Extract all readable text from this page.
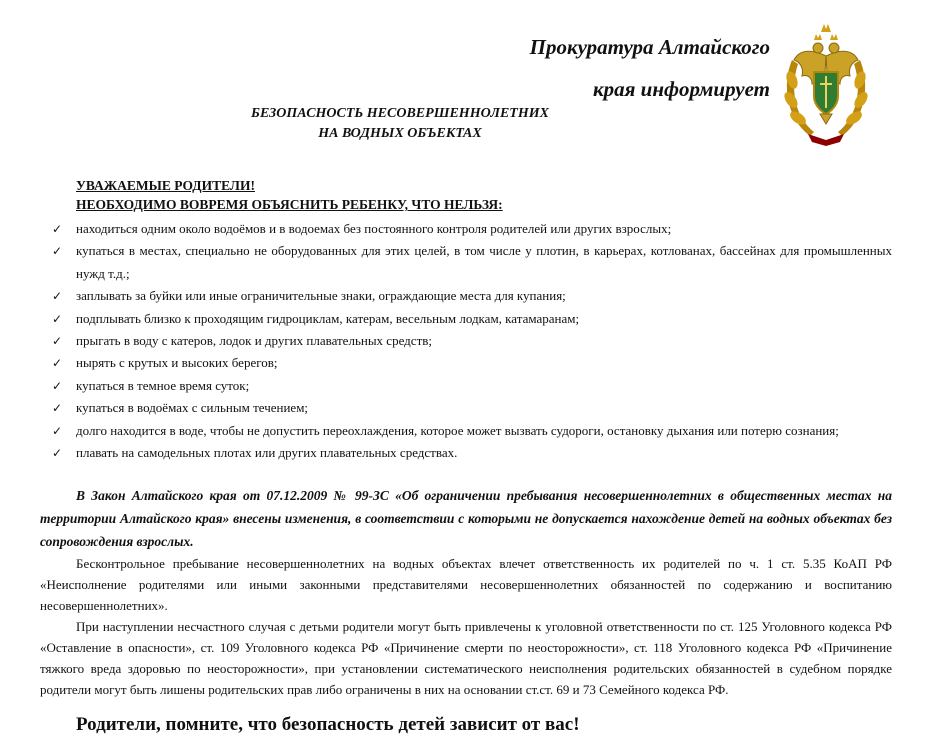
Прокуратура Алтайского
края информирует
БЕЗОПАСНОСТЬ НЕСОВЕРШЕННОЛЕТНИХ
НА ВОДНЫХ ОБЪЕКТАХ
УВАЖАЕМЫЕ РОДИТЕЛИ!
НЕОБХОДИМО ВОВРЕМЯ ОБЪЯСНИТЬ РЕБЕНКУ, ЧТО НЕЛЬЗЯ:
✓ находиться одним около водоёмов и в водоемах без постоянного контроля родителей или других взрослых;
✓ купаться в местах, специально не оборудованных для этих целей, в том числе у плотин, в карьерах, котлованах, бассейнах для промышленных нужд т.д.;
✓ заплывать за буйки или иные ограничительные знаки, ограждающие места для купания;
✓ подплывать близко к проходящим гидроциклам, катерам, весельным лодкам, катамаранам;
✓ прыгать в воду с катеров, лодок и других плавательных средств;
✓ нырять с крутых и высоких берегов;
✓ купаться в темное время суток;
✓ купаться в водоёмах с сильным течением;
✓ долго находится в воде, чтобы не допустить переохлаждения, которое может вызвать судороги, остановку дыхания или потерю сознания;
✓ плавать на самодельных плотах или других плавательных средствах.

В Закон Алтайского края от 07.12.2009 № 99-ЗС «Об ограничении пребывания несовершеннолетних в общественных местах на территории Алтайского края» внесены изменения, в соответствии с которыми не допускается нахождение детей на водных объектах без сопровождения взрослых.

Бесконтрольное пребывание несовершеннолетних на водных объектах влечет ответственность их родителей по ч. 1 ст. 5.35 КоАП РФ «Неисполнение родителями или иными законными представителями несовершеннолетних обязанностей по содержанию и воспитанию несовершеннолетних».

При наступлении несчастного случая с детьми родители могут быть привлечены к уголовной ответственности по ст. 125 Уголовного кодекса РФ «Оставление в опасности», ст. 109 Уголовного кодекса РФ «Причинение смерти по неосторожности», ст. 118 Уголовного кодекса РФ «Причинение тяжкого вреда здоровью по неосторожности», при установлении систематического неисполнения родительских обязанностей в судебном порядке родители могут быть лишены родительских прав либо ограничены в них на основании ст.ст. 69 и 73 Семейного кодекса РФ.

Родители, помните, что безопасность детей зависит от вас!
